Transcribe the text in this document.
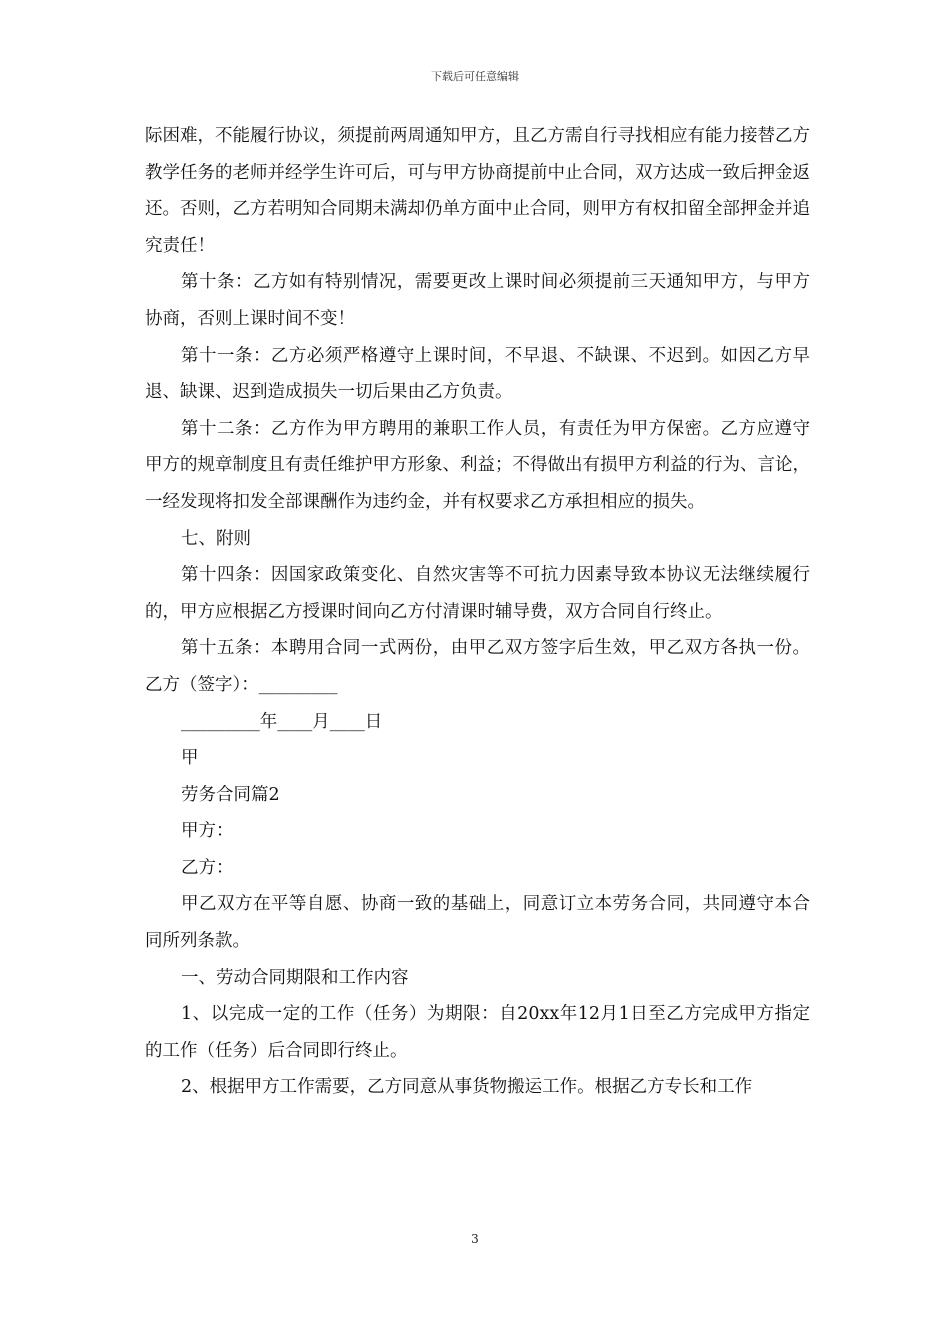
下载后可任意编辑

际困难，不能履行协议，须提前两周通知甲方，且乙方需自行寻找相应有能力接替乙方教学任务的老师并经学生许可后，可与甲方协商提前中止合同，双方达成一致后押金返还。否则，乙方若明知合同期未满却仍单方面中止合同，则甲方有权扣留全部押金并追究责任！

第十条：乙方如有特别情况，需要更改上课时间必须提前三天通知甲方，与甲方协商，否则上课时间不变！

第十一条：乙方必须严格遵守上课时间，不早退、不缺课、不迟到。如因乙方早退、缺课、迟到造成损失一切后果由乙方负责。

第十二条：乙方作为甲方聘用的兼职工作人员，有责任为甲方保密。乙方应遵守甲方的规章制度且有责任维护甲方形象、利益；不得做出有损甲方利益的行为、言论，一经发现将扣发全部课酬作为违约金，并有权要求乙方承担相应的损失。

七、附则

第十四条：因国家政策变化、自然灾害等不可抗力因素导致本协议无法继续履行的，甲方应根据乙方授课时间向乙方付清课时辅导费，双方合同自行终止。

第十五条：本聘用合同一式两份，由甲乙双方签字后生效，甲乙双方各执一份。乙方（签字）：_________

_________年____月____日

甲

劳务合同篇2

甲方：

乙方：

甲乙双方在平等自愿、协商一致的基础上，同意订立本劳务合同，共同遵守本合同所列条款。

一、劳动合同期限和工作内容

1、以完成一定的工作（任务）为期限：自20xx年12月1日至乙方完成甲方指定的工作（任务）后合同即行终止。

2、根据甲方工作需要，乙方同意从事货物搬运工作。根据乙方专长和工作

3
